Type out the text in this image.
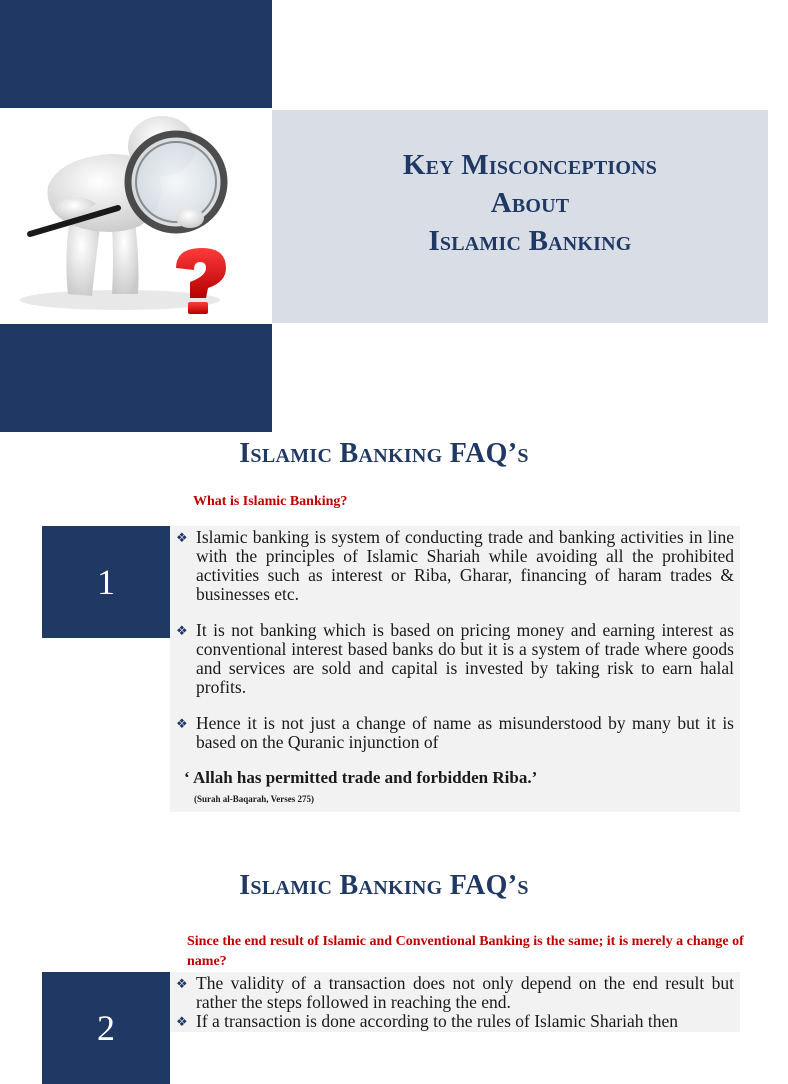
Key Misconceptions
About
Islamic Banking
Islamic Banking FAQ’s
What is Islamic Banking?
1
❖ Islamic banking is system of conducting trade and banking activities in line with the principles of Islamic Shariah while avoiding all the prohibited activities such as interest or Riba, Gharar, financing of haram trades & businesses etc.
❖ It is not banking which is based on pricing money and earning interest as conventional interest based banks do but it is a system of trade where goods and services are sold and capital is invested by taking risk to earn halal profits.
❖ Hence it is not just a change of name as misunderstood by many but it is based on the Quranic injunction of
‘ Allah has permitted trade and forbidden Riba.’
(Surah al-Baqarah, Verses 275)
Islamic Banking FAQ’s
Since the end result of Islamic and Conventional Banking is the same; it is merely a change of name?
2
❖ The validity of a transaction does not only depend on the end result but rather the steps followed in reaching the end.
❖ If a transaction is done according to the rules of Islamic Shariah then
